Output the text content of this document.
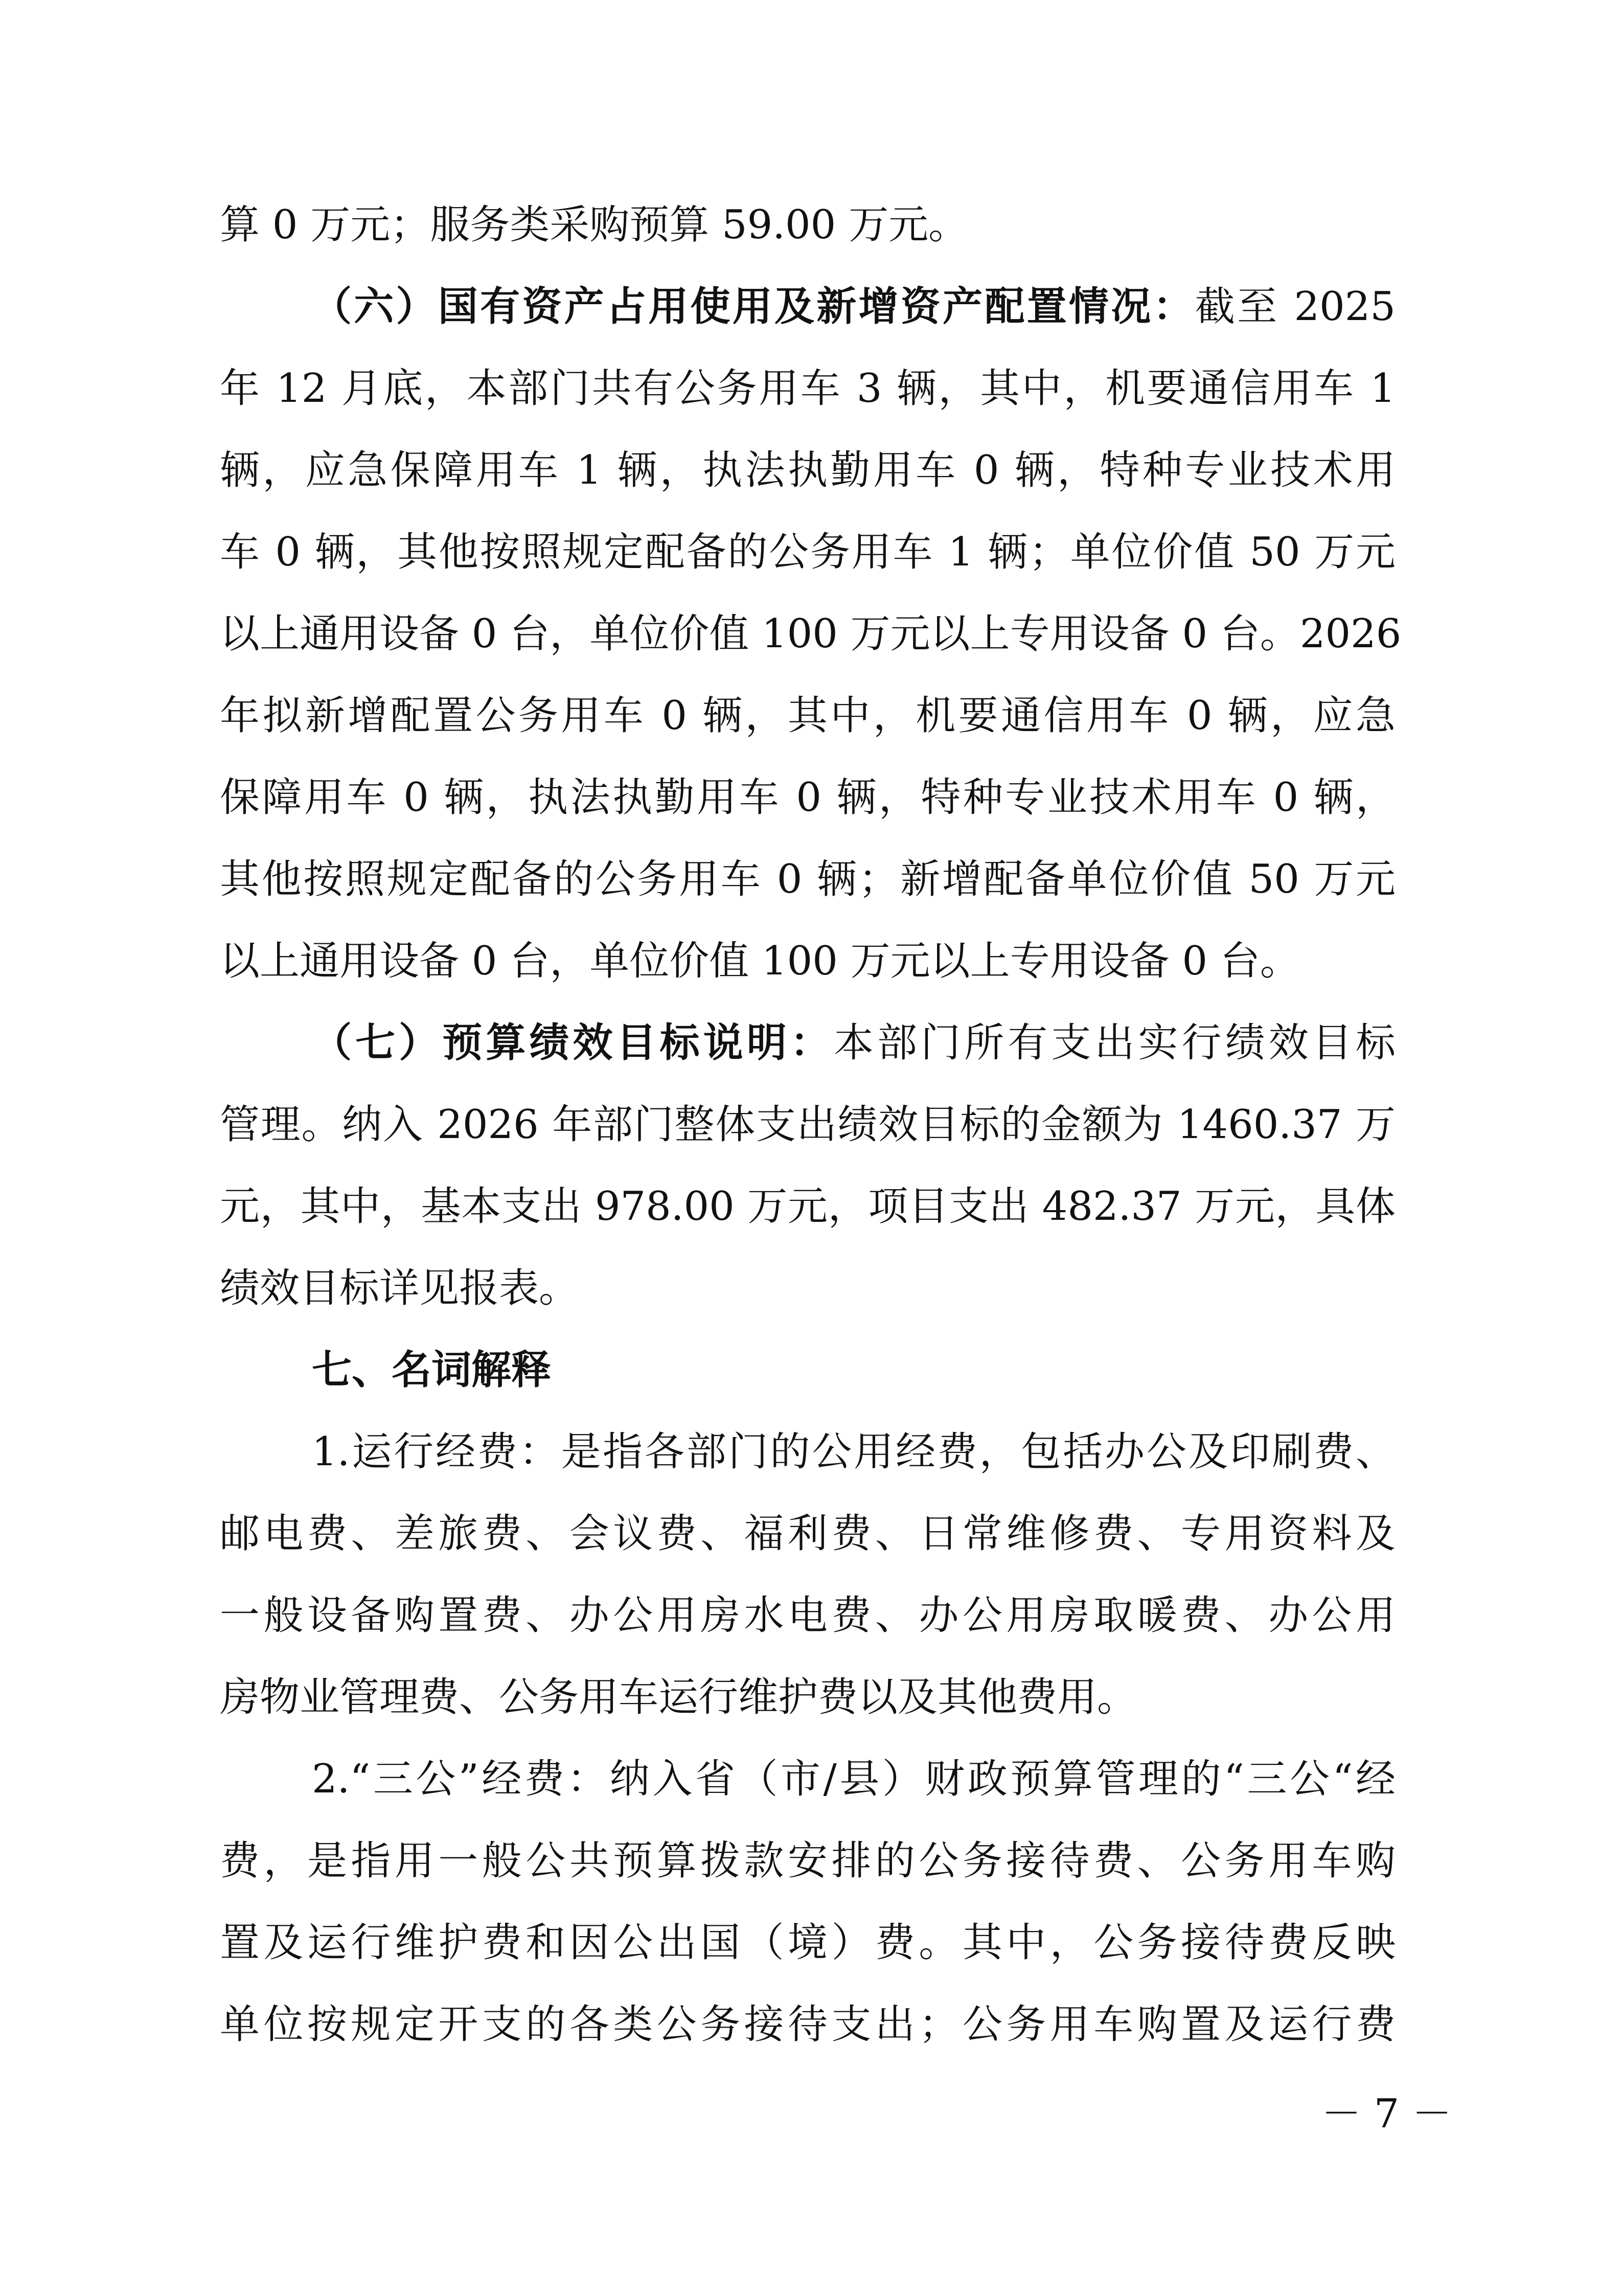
算 0 万元；服务类采购预算 59.00 万元。
（六）国有资产占用使用及新增资产配置情况：截至 2025
年 12 月底，本部门共有公务用车 3 辆，其中，机要通信用车 1
辆，应急保障用车 1 辆，执法执勤用车 0 辆，特种专业技术用
车 0 辆，其他按照规定配备的公务用车 1 辆；单位价值 50 万元
以上通用设备 0 台，单位价值 100 万元以上专用设备 0 台。2026
年拟新增配置公务用车 0 辆，其中，机要通信用车 0 辆，应急
保障用车 0 辆，执法执勤用车 0 辆，特种专业技术用车 0 辆，
其他按照规定配备的公务用车 0 辆；新增配备单位价值 50 万元
以上通用设备 0 台，单位价值 100 万元以上专用设备 0 台。
（七）预算绩效目标说明：本部门所有支出实行绩效目标
管理。纳入 2026 年部门整体支出绩效目标的金额为 1460.37 万
元，其中，基本支出 978.00 万元，项目支出 482.37 万元，具体
绩效目标详见报表。
七、名词解释
1.运行经费：是指各部门的公用经费，包括办公及印刷费、
邮电费、差旅费、会议费、福利费、日常维修费、专用资料及
一般设备购置费、办公用房水电费、办公用房取暖费、办公用
房物业管理费、公务用车运行维护费以及其他费用。
2.“三公”经费：纳入省（市/县）财政预算管理的“三公“经
费，是指用一般公共预算拨款安排的公务接待费、公务用车购
置及运行维护费和因公出国（境）费。其中，公务接待费反映
单位按规定开支的各类公务接待支出；公务用车购置及运行费
－ 7 －
